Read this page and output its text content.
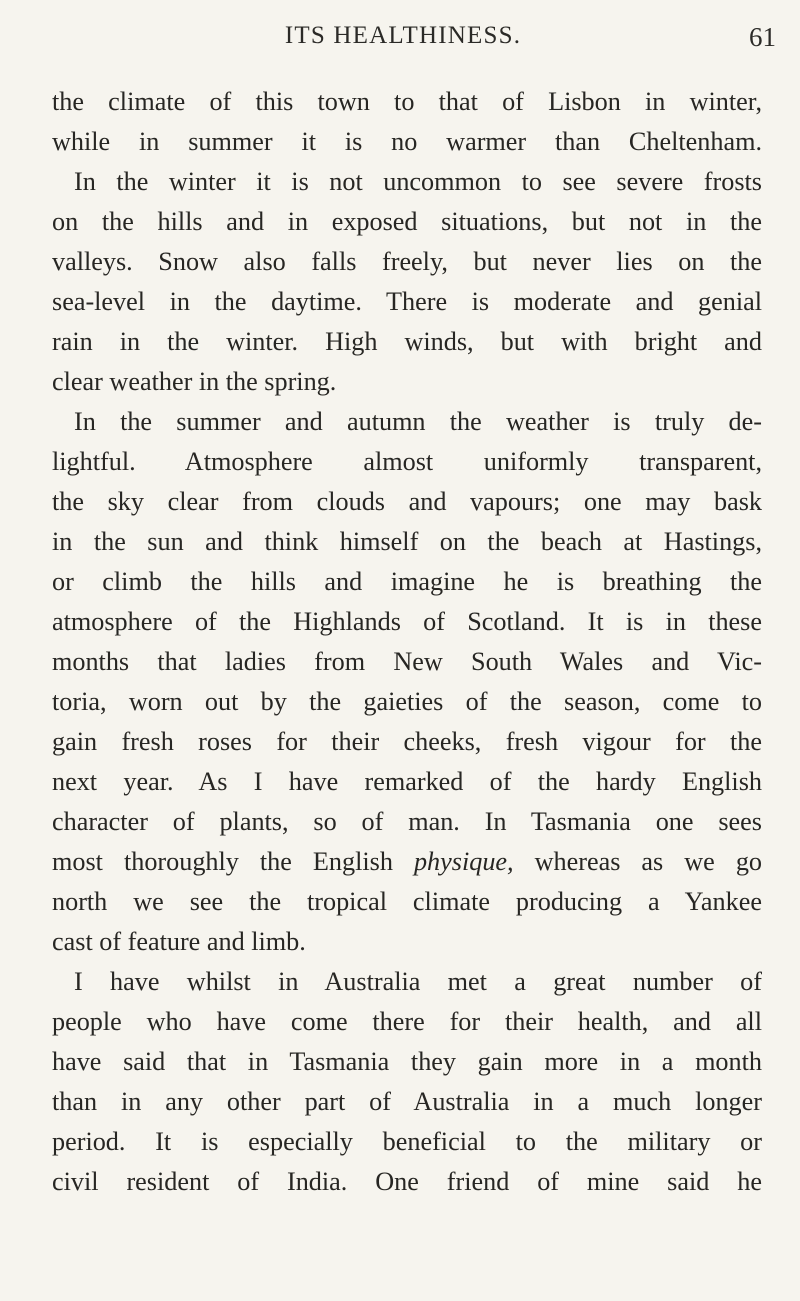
ITS HEALTHINESS.	61
the climate of this town to that of Lisbon in winter,
while in summer it is no warmer than Cheltenham.
In the winter it is not uncommon to see severe frosts
on the hills and in exposed situations, but not in the
valleys. Snow also falls freely, but never lies on the
sea-level in the daytime. There is moderate and genial
rain in the winter. High winds, but with bright and
clear weather in the spring.
In the summer and autumn the weather is truly de-
lightful. Atmosphere almost uniformly transparent,
the sky clear from clouds and vapours; one may bask
in the sun and think himself on the beach at Hastings,
or climb the hills and imagine he is breathing the
atmosphere of the Highlands of Scotland. It is in these
months that ladies from New South Wales and Vic-
toria, worn out by the gaieties of the season, come to
gain fresh roses for their cheeks, fresh vigour for the
next year. As I have remarked of the hardy English
character of plants, so of man. In Tasmania one sees
most thoroughly the English physique, whereas as we go
north we see the tropical climate producing a Yankee
cast of feature and limb.
I have whilst in Australia met a great number of
people who have come there for their health, and all
have said that in Tasmania they gain more in a month
than in any other part of Australia in a much longer
period. It is especially beneficial to the military or
civil resident of India. One friend of mine said he
